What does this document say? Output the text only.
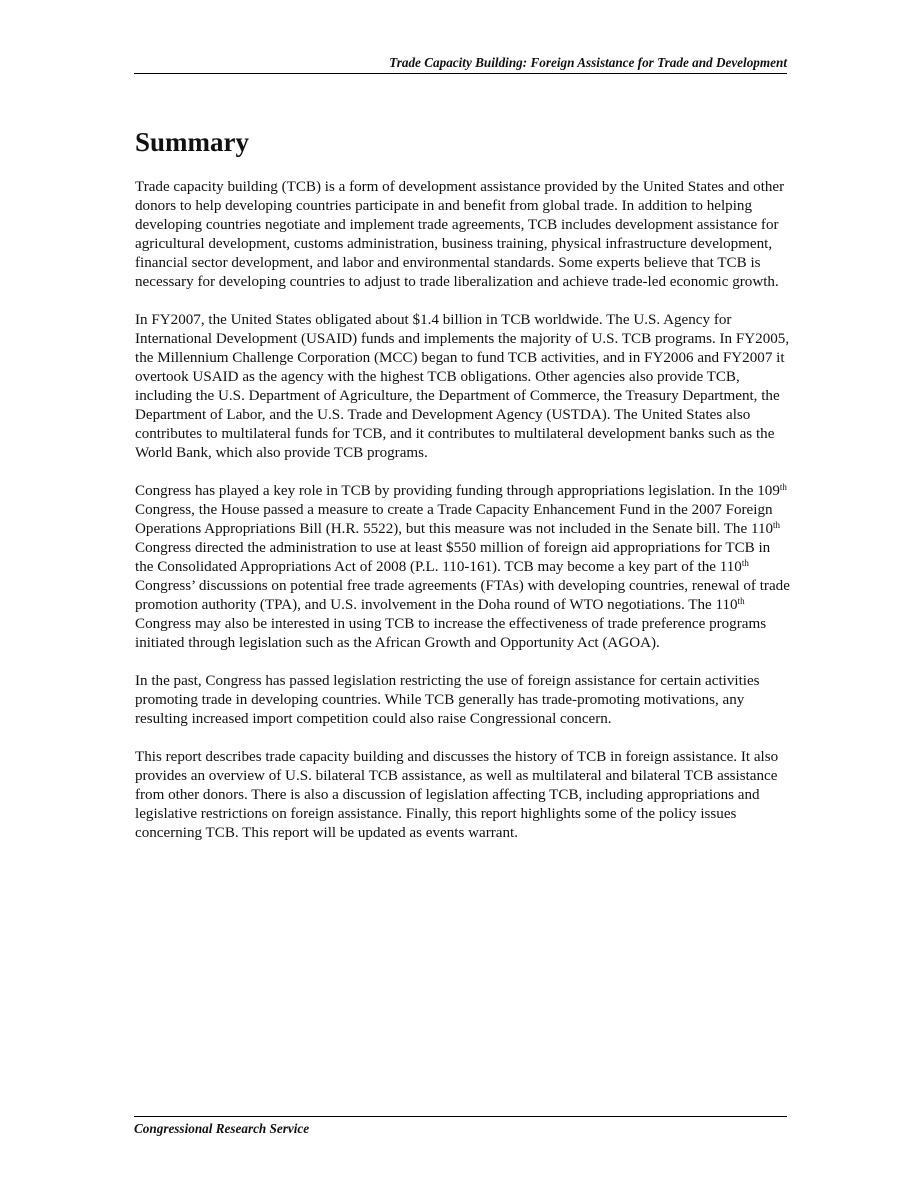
Trade Capacity Building: Foreign Assistance for Trade and Development
Summary

Trade capacity building (TCB) is a form of development assistance provided by the United States and other donors to help developing countries participate in and benefit from global trade. In addition to helping developing countries negotiate and implement trade agreements, TCB includes development assistance for agricultural development, customs administration, business training, physical infrastructure development, financial sector development, and labor and environmental standards. Some experts believe that TCB is necessary for developing countries to adjust to trade liberalization and achieve trade-led economic growth.

In FY2007, the United States obligated about $1.4 billion in TCB worldwide. The U.S. Agency for International Development (USAID) funds and implements the majority of U.S. TCB programs. In FY2005, the Millennium Challenge Corporation (MCC) began to fund TCB activities, and in FY2006 and FY2007 it overtook USAID as the agency with the highest TCB obligations. Other agencies also provide TCB, including the U.S. Department of Agriculture, the Department of Commerce, the Treasury Department, the Department of Labor, and the U.S. Trade and Development Agency (USTDA). The United States also contributes to multilateral funds for TCB, and it contributes to multilateral development banks such as the World Bank, which also provide TCB programs.

Congress has played a key role in TCB by providing funding through appropriations legislation. In the 109th Congress, the House passed a measure to create a Trade Capacity Enhancement Fund in the 2007 Foreign Operations Appropriations Bill (H.R. 5522), but this measure was not included in the Senate bill. The 110th Congress directed the administration to use at least $550 million of foreign aid appropriations for TCB in the Consolidated Appropriations Act of 2008 (P.L. 110-161). TCB may become a key part of the 110th Congress’ discussions on potential free trade agreements (FTAs) with developing countries, renewal of trade promotion authority (TPA), and U.S. involvement in the Doha round of WTO negotiations. The 110th Congress may also be interested in using TCB to increase the effectiveness of trade preference programs initiated through legislation such as the African Growth and Opportunity Act (AGOA).

In the past, Congress has passed legislation restricting the use of foreign assistance for certain activities promoting trade in developing countries. While TCB generally has trade-promoting motivations, any resulting increased import competition could also raise Congressional concern.

This report describes trade capacity building and discusses the history of TCB in foreign assistance. It also provides an overview of U.S. bilateral TCB assistance, as well as multilateral and bilateral TCB assistance from other donors. There is also a discussion of legislation affecting TCB, including appropriations and legislative restrictions on foreign assistance. Finally, this report highlights some of the policy issues concerning TCB. This report will be updated as events warrant.

Congressional Research Service
